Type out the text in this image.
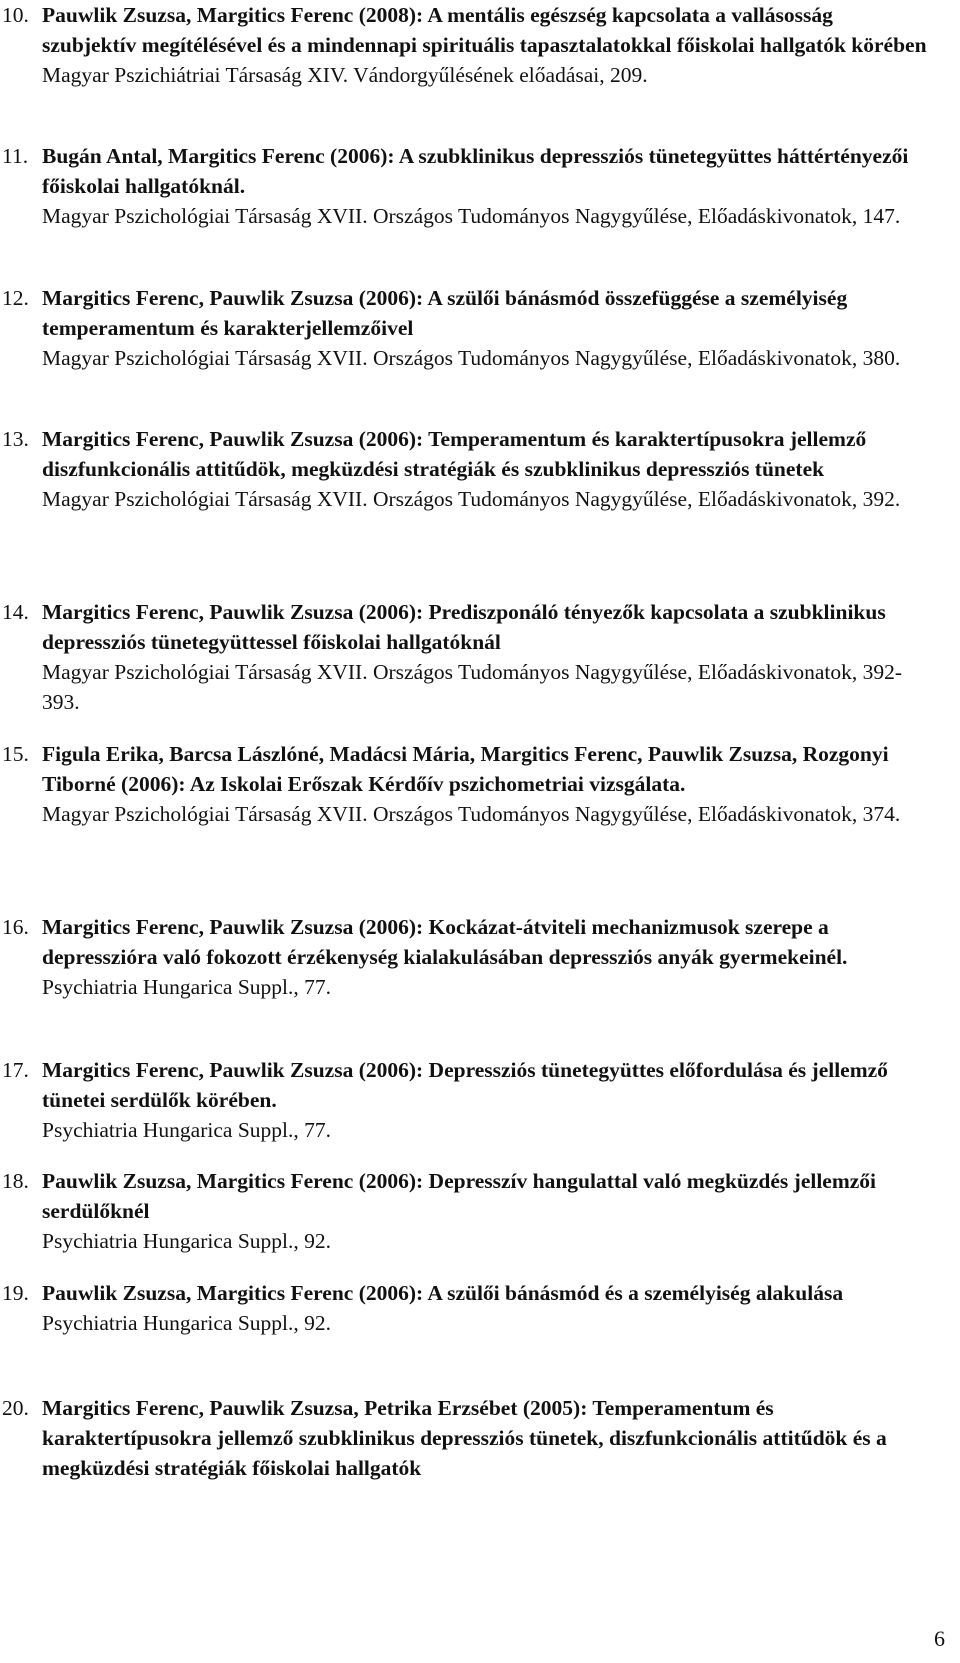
10. Pauwlik Zsuzsa, Margitics Ferenc (2008): A mentális egészség kapcsolata a vallásosság szubjektív megítélésével és a mindennapi spirituális tapasztalatokkal főiskolai hallgatók körében
Magyar Pszichiátriai Társaság XIV. Vándorgyűlésének előadásai, 209.
11. Bugán Antal, Margitics Ferenc (2006): A szubklinikus depressziós tünetegyüttes háttértényezői főiskolai hallgatóknál.
Magyar Pszichológiai Társaság XVII. Országos Tudományos Nagygyűlése, Előadáskivonatok, 147.
12. Margitics Ferenc, Pauwlik Zsuzsa (2006): A szülői bánásmód összefüggése a személyiség temperamentum és karakterjellemzőivel
Magyar Pszichológiai Társaság XVII. Országos Tudományos Nagygyűlése, Előadáskivonatok, 380.
13. Margitics Ferenc, Pauwlik Zsuzsa (2006): Temperamentum és karaktertípusokra jellemző diszfunkcionális attitűdök, megküzdési stratégiák és szubklinikus depressziós tünetek
Magyar Pszichológiai Társaság XVII. Országos Tudományos Nagygyűlése, Előadáskivonatok, 392.
14. Margitics Ferenc, Pauwlik Zsuzsa (2006): Prediszponáló tényezők kapcsolata a szubklinikus depressziós tünetegyüttessel főiskolai hallgatóknál
Magyar Pszichológiai Társaság XVII. Országos Tudományos Nagygyűlése, Előadáskivonatok, 392-393.
15. Figula Erika, Barcsa Lászlóné, Madácsi Mária, Margitics Ferenc, Pauwlik Zsuzsa, Rozgonyi Tiborné (2006): Az Iskolai Erőszak Kérdőív pszichometriai vizsgálata.
Magyar Pszichológiai Társaság XVII. Országos Tudományos Nagygyűlése, Előadáskivonatok, 374.
16. Margitics Ferenc, Pauwlik Zsuzsa (2006): Kockázat-átviteli mechanizmusok szerepe a depresszióra való fokozott érzékenység kialakulásában depressziós anyák gyermekeinél.
Psychiatria Hungarica Suppl., 77.
17. Margitics Ferenc, Pauwlik Zsuzsa (2006): Depressziós tünetegyüttes előfordulása és jellemző tünetei serdülők körében.
Psychiatria Hungarica Suppl., 77.
18. Pauwlik Zsuzsa, Margitics Ferenc (2006): Depresszív hangulattal való megküzdés jellemzői serdülőknél
Psychiatria Hungarica Suppl., 92.
19. Pauwlik Zsuzsa, Margitics Ferenc (2006): A szülői bánásmód és a személyiség alakulása
Psychiatria Hungarica Suppl., 92.
20. Margitics Ferenc, Pauwlik Zsuzsa, Petrika Erzsébet (2005): Temperamentum és karaktertípusokra jellemző szubklinikus depressziós tünetek, diszfunkcionális attitűdök és a megküzdési stratégiák főiskolai hallgatók
6
